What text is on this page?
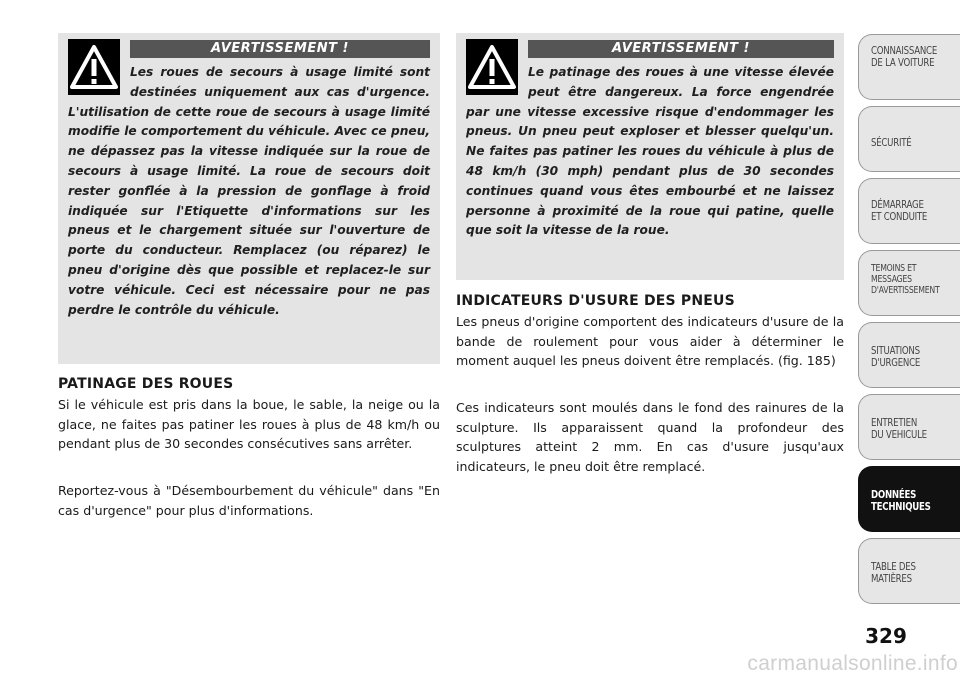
AVERTISSEMENT !
Les roues de secours à usage limité sont destinées uniquement aux cas d'urgence. L'utilisation de cette roue de secours à usage limité modifie le comportement du véhicule. Avec ce pneu, ne dépassez pas la vitesse indiquée sur la roue de secours à usage limité. La roue de secours doit rester gonflée à la pression de gonflage à froid indiquée sur l'Etiquette d'informations sur les pneus et le chargement située sur l'ouverture de porte du conducteur. Remplacez (ou réparez) le pneu d'origine dès que possible et replacez-le sur votre véhicule. Ceci est nécessaire pour ne pas perdre le contrôle du véhicule.
PATINAGE DES ROUES
Si le véhicule est pris dans la boue, le sable, la neige ou la glace, ne faites pas patiner les roues à plus de 48 km/h ou pendant plus de 30 secondes consécutives sans arrêter.
Reportez-vous à "Désembourbement du véhicule" dans "En cas d'urgence" pour plus d'informations.
AVERTISSEMENT !
Le patinage des roues à une vitesse élevée peut être dangereux. La force engendrée par une vitesse excessive risque d'endommager les pneus. Un pneu peut exploser et blesser quelqu'un. Ne faites pas patiner les roues du véhicule à plus de 48 km/h (30 mph) pendant plus de 30 secondes continues quand vous êtes embourbé et ne laissez personne à proximité de la roue qui patine, quelle que soit la vitesse de la roue.
INDICATEURS D'USURE DES PNEUS
Les pneus d'origine comportent des indicateurs d'usure de la bande de roulement pour vous aider à déterminer le moment auquel les pneus doivent être remplacés. (fig. 185)
Ces indicateurs sont moulés dans le fond des rainures de la sculpture. Ils apparaissent quand la profondeur des sculptures atteint 2 mm. En cas d'usure jusqu'aux indicateurs, le pneu doit être remplacé.
CONNAISSANCE
DE LA VOITURE
SÉCURITÉ
DÉMARRAGE
ET CONDUITE
TEMOINS ET
MESSAGES
D'AVERTISSEMENT
SITUATIONS
D'URGENCE
ENTRETIEN
DU VEHICULE
DONNÉES
TECHNIQUES
TABLE DES
MATIÈRES
329
carmanualsonline.info
